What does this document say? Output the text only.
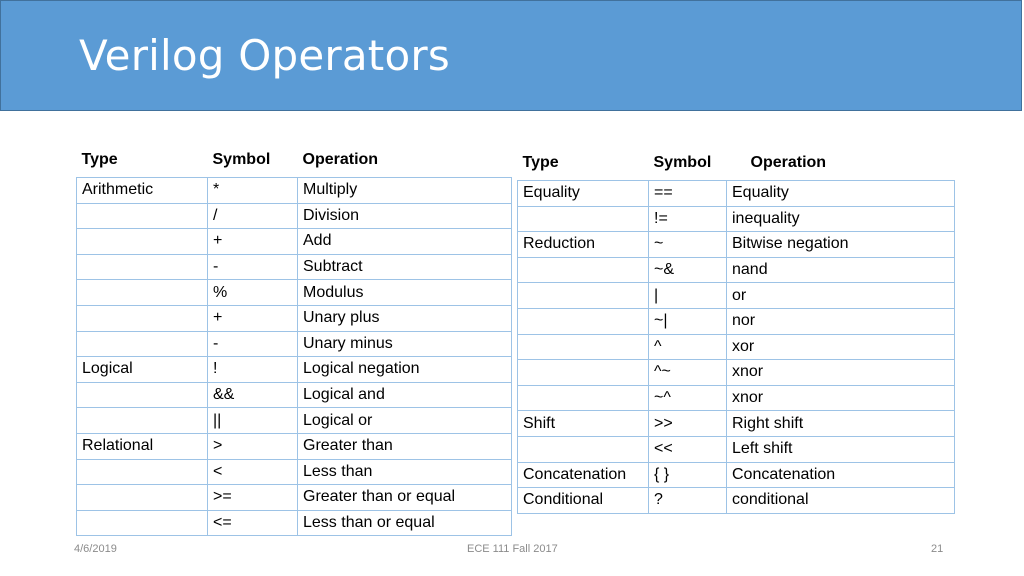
Verilog Operators
Type	Symbol	Operation
Arithmetic	*	Multiply
	/	Division
	+	Add
	-	Subtract
	%	Modulus
	+	Unary plus
	-	Unary minus
Logical	!	Logical negation
	&&	Logical and
	||	Logical or
Relational	>	Greater than
	<	Less than
	>=	Greater than or equal
	<=	Less than or equal
Type	Symbol	Operation
Equality	==	Equality
	!=	inequality
Reduction	~	Bitwise negation
	~&	nand
	|	or
	~|	nor
	^	xor
	^~	xnor
	~^	xnor
Shift	>>	Right shift
	<<	Left shift
Concatenation	{ }	Concatenation
Conditional	?	conditional
4/6/2019	ECE 111 Fall 2017	21
